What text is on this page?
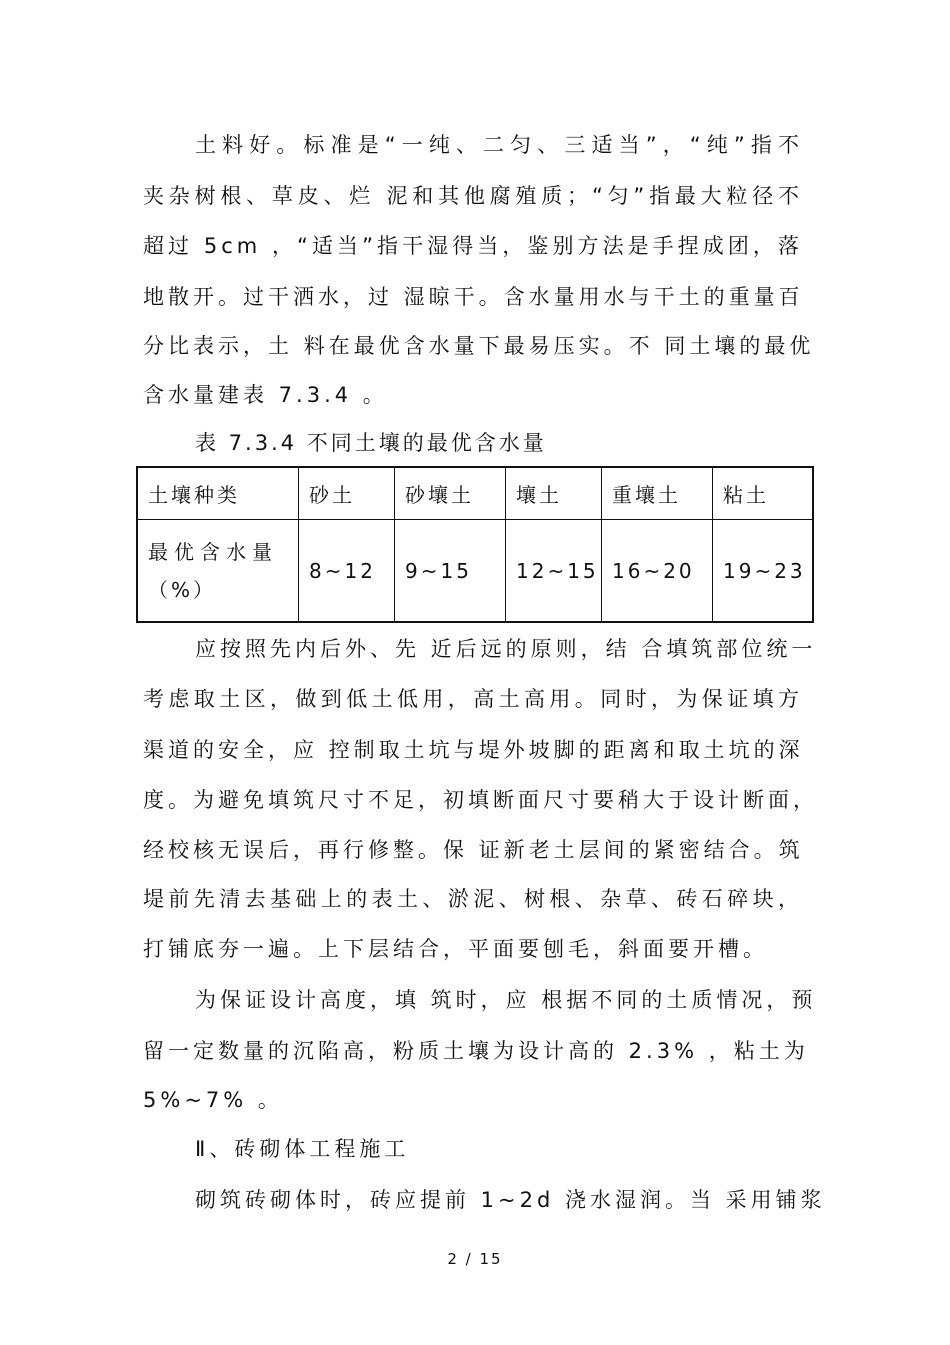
土料好。标准是“一纯、二匀、三适当”，“纯”指不
夹杂树根、草皮、烂 泥和其他腐殖质；“匀”指最大粒径不
超过 5cm ，“适当”指干湿得当，鉴别方法是手捏成团，落
地散开。过干洒水，过 湿晾干。含水量用水与干土的重量百
分比表示，土 料在最优含水量下最易压实。不 同土壤的最优
含水量建表 7.3.4 。
表 7.3.4 不同土壤的最优含水量
土壤种类	砂土	砂壤土	壤土	重壤土	粘土

最优含水量
（%）	8~12	9~15	12~15	16~20	19~23
应按照先内后外、先 近后远的原则，结 合填筑部位统一
考虑取土区，做到低土低用，高土高用。同时，为保证填方
渠道的安全，应 控制取土坑与堤外坡脚的距离和取土坑的深
度。为避免填筑尺寸不足，初填断面尺寸要稍大于设计断面，
经校核无误后，再行修整。保 证新老土层间的紧密结合。筑
堤前先清去基础上的表土、淤泥、树根、杂草、砖石碎块，
打铺底夯一遍。上下层结合，平面要刨毛，斜面要开槽。
为保证设计高度，填 筑时，应 根据不同的土质情况，预
留一定数量的沉陷高，粉质土壤为设计高的 2.3% ，粘土为
5%~7% 。
Ⅱ、砖砌体工程施工
砌筑砖砌体时，砖应提前 1~2d 浇水湿润。当 采用铺浆
2 / 15
